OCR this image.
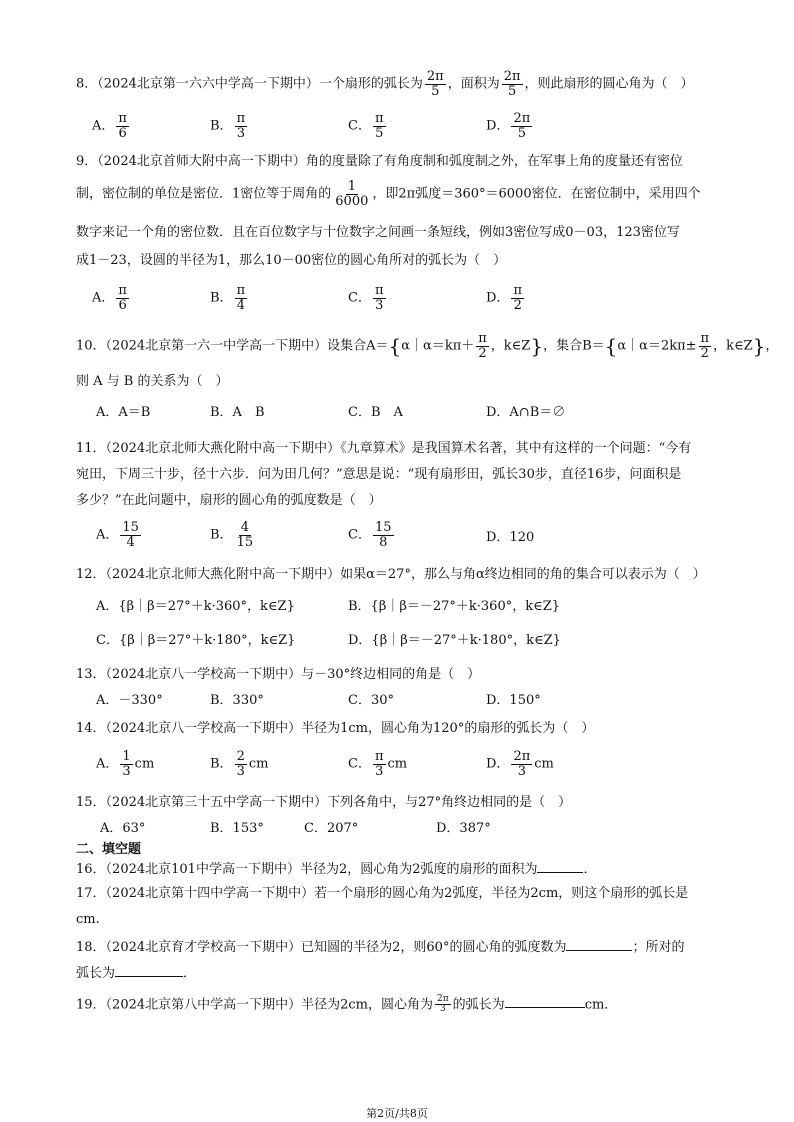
8．（2024北京第一六六中学高一下期中）一个扇形的弧长为 $\frac{2\pi}{5}$ ，面积为 $\frac{2\pi}{5}$ ，则此扇形的圆心角为（　）
A． $\frac{\pi}{6}$	B． $\frac{\pi}{3}$	C． $\frac{\pi}{5}$	D． $\frac{2\pi}{5}$
9．（2024北京首师大附中高一下期中）角的度量除了有角度制和弧度制之外，在军事上角的度量还有密位
制，密位制的单位是密位．1密位等于周角的 $\frac{1}{6000}$ ，即2π弧度＝360°＝6000密位．在密位制中，采用四个
数字来记一个角的密位数．且在百位数字与十位数字之间画一条短线，例如3密位写成0－03，123密位写
成1－23，设圆的半径为1，那么10－00密位的圆心角所对的弧长为（　）
A． $\frac{\pi}{6}$	B． $\frac{\pi}{4}$	C． $\frac{\pi}{3}$	D． $\frac{\pi}{2}$
10．（2024北京第一六一中学高一下期中）设集合A＝{α｜α＝kπ＋ $\frac{\pi}{2}$ ，k∈Z}，集合B＝{α｜α＝2kπ± $\frac{\pi}{2}$ ，k∈Z}，
则 A 与 B 的关系为（　）
A．A＝B	B．A　B	C．B　A	D．A∩B＝∅
11．（2024北京北师大燕化附中高一下期中）《九章算术》是我国算术名著，其中有这样的一个问题：“今有
宛田，下周三十步，径十六步．问为田几何？”意思是说：“现有扇形田，弧长30步，直径16步，问面积是
多少？”在此问题中，扇形的圆心角的弧度数是（　）
A． $\frac{15}{4}$	B． $\frac{4}{15}$	C． $\frac{15}{8}$	D．120
12．（2024北京北师大燕化附中高一下期中）如果α＝27°，那么与角α终边相同的角的集合可以表示为（　）
A．{β｜β＝27°＋k·360°，k∈Z}	B．{β｜β＝－27°＋k·360°，k∈Z}
C．{β｜β＝27°＋k·180°，k∈Z}	D．{β｜β＝－27°＋k·180°，k∈Z}
13．（2024北京八一学校高一下期中）与－30°终边相同的角是（　）
A．－330°	B．330°	C．30°	D．150°
14．（2024北京八一学校高一下期中）半径为1cm，圆心角为120°的扇形的弧长为（　）
A． $\frac{1}{3}$ cm	B． $\frac{2}{3}$ cm	C． $\frac{\pi}{3}$ cm	D． $\frac{2\pi}{3}$ cm
15．（2024北京第三十五中学高一下期中）下列各角中，与27°角终边相同的是（　）
A．63°	B．153°	C．207°	D．387°
二、填空题
16．（2024北京101中学高一下期中）半径为2，圆心角为2弧度的扇形的面积为	．
17．（2024北京第十四中学高一下期中）若一个扇形的圆心角为2弧度，半径为2cm，则这个扇形的弧长是
cm.
18．（2024北京育才学校高一下期中）已知圆的半径为2，则60°的圆心角的弧度数为	；所对的
弧长为	．
19．（2024北京第八中学高一下期中）半径为2cm，圆心角为 $\frac{2\pi}{3}$ 的弧长为	cm．
第2页/共8页
